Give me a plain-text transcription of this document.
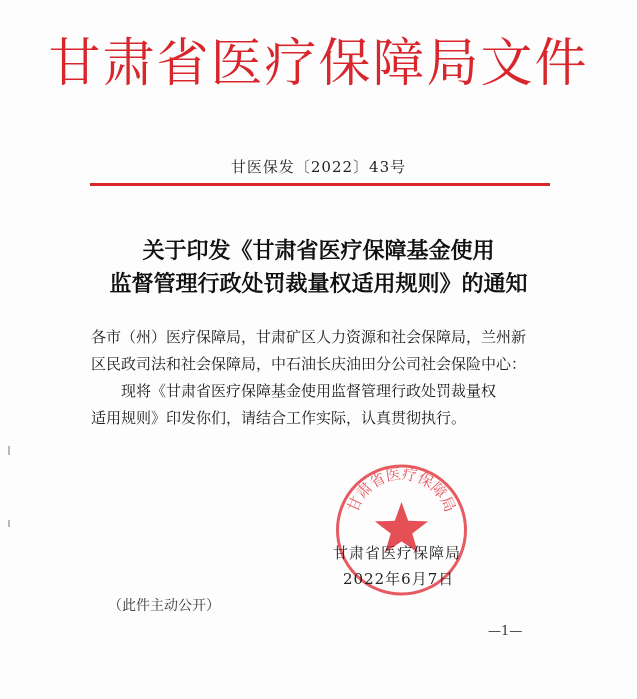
甘肃省医疗保障局文件
甘医保发〔2022〕43号
关于印发《甘肃省医疗保障基金使用
监督管理行政处罚裁量权适用规则》的通知
各市（州）医疗保障局，甘肃矿区人力资源和社会保障局，兰州新
区民政司法和社会保障局，中石油长庆油田分公司社会保险中心：
现将《甘肃省医疗保障基金使用监督管理行政处罚裁量权
适用规则》印发你们，请结合工作实际，认真贯彻执行。
甘肃省医疗保障局
甘肃省医疗保障局
2022年6月7日
（此件主动公开）
—1—
